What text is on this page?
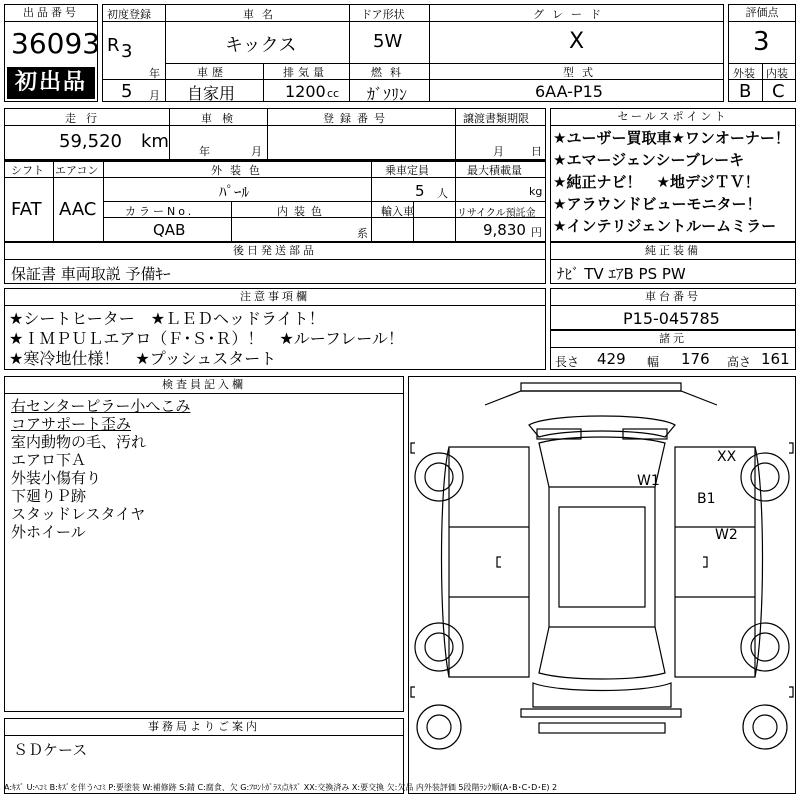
出品番号
36093
初出品
初度登録
R 3
年
5 月
車名
キックス
ドア形状
5W
グレード
X
車歴
自家用
排気量
1200 cc
燃料
ｶﾞｿﾘﾝ
型式
6AA-P15
評価点
3
外装 内装
B C
走行
59,520 km
車検
年	月
登録番号	譲渡書類期限
月 日
シフト
FAT
エアコン
AAC
外装色
ﾊﾟｰﾙ
乗車定員
5 人
最大積載量
kg
カラーNo.
QAB
内装色
系
輸入車	リサイクル預託金
9,830 円
後日発送部品
保証書 車両取説 予備ｷｰ
セールスポイント
★ユーザー買取車★ワンオーナー！
★エマージェンシーブレーキ
★純正ナビ！　★地デジＴＶ！
★アラウンドビューモニター！
★インテリジェントルームミラー
純正装備
ﾅﾋﾞ TV ｴｱB PS PW
注意事項欄
★シートヒーター　★ＬＥＤヘッドライト！
★ＩＭＰＵＬエアロ（Ｆ･Ｓ･Ｒ）！　★ルーフレール！
★寒冷地仕様！　★プッシュスタート
車台番号
P15-045785
諸元
長さ 429 幅 176 高さ 161
検査員記入欄
右センターピラー小へこみ
コアサポート歪み
室内動物の毛、汚れ
エアロ下Ａ
外装小傷有り
下廻りＰ跡
スタッドレスタイヤ
外ホイール
W1
B1
XX
W2
事務局よりご案内
ＳＤケース
A:ｷｽﾞ U:ﾍｺﾐ B:ｷｽﾞを伴うﾍｺﾐ P:要塗装 W:補修跡 S:錆 C:腐食、欠 G:ﾌﾛﾝﾄｶﾞﾗｽ点ｷｽﾞ XX:交換済み X:要交換 欠:欠品 内外装評価 5段階ﾗﾝｸ順(A･B･C･D･E) 2
